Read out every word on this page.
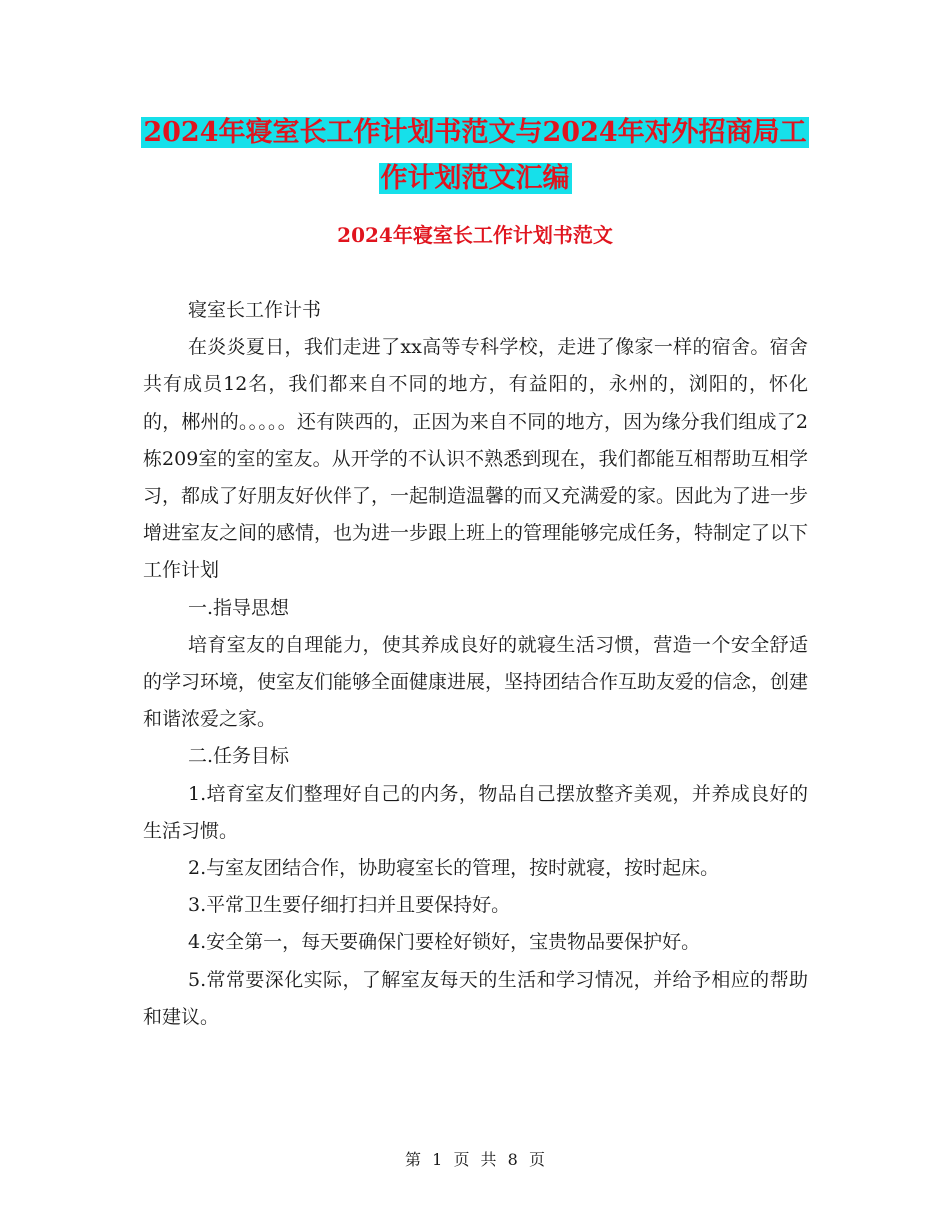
2024年寝室长工作计划书范文与2024年对外招商局工
作计划范文汇编
2024年寝室长工作计划书范文

寝室长工作计书

在炎炎夏日，我们走进了xx高等专科学校，走进了像家一样的宿舍。宿舍共有成员12名，我们都来自不同的地方，有益阳的，永州的，浏阳的，怀化的，郴州的。。。。。还有陕西的，正因为来自不同的地方，因为缘分我们组成了2栋209室的室的室友。从开学的不认识不熟悉到现在，我们都能互相帮助互相学习，都成了好朋友好伙伴了，一起制造温馨的而又充满爱的家。因此为了进一步增进室友之间的感情，也为进一步跟上班上的管理能够完成任务，特制定了以下工作计划

一.指导思想

培育室友的自理能力，使其养成良好的就寝生活习惯，营造一个安全舒适的学习环境，使室友们能够全面健康进展，坚持团结合作互助友爱的信念，创建和谐浓爱之家。

二.任务目标

1.培育室友们整理好自己的内务，物品自己摆放整齐美观，并养成良好的生活习惯。

2.与室友团结合作，协助寝室长的管理，按时就寝，按时起床。

3.平常卫生要仔细打扫并且要保持好。

4.安全第一，每天要确保门要栓好锁好，宝贵物品要保护好。

5.常常要深化实际，了解室友每天的生活和学习情况，并给予相应的帮助和建议。

第 1 页 共 8 页
